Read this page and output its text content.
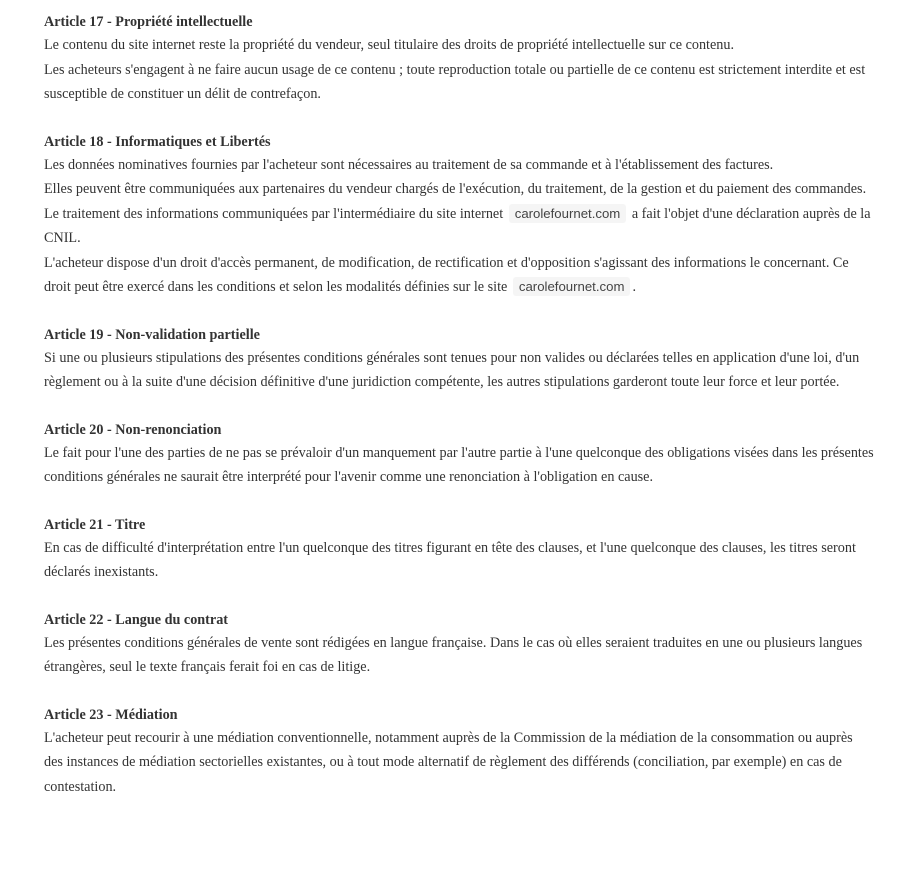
Article 17 - Propriété intellectuelle

Le contenu du site internet reste la propriété du vendeur, seul titulaire des droits de propriété intellectuelle sur ce contenu.

Les acheteurs s'engagent à ne faire aucun usage de ce contenu ; toute reproduction totale ou partielle de ce contenu est strictement interdite et est susceptible de constituer un délit de contrefaçon.

Article 18 - Informatiques et Libertés

Les données nominatives fournies par l'acheteur sont nécessaires au traitement de sa commande et à l'établissement des factures.

Elles peuvent être communiquées aux partenaires du vendeur chargés de l'exécution, du traitement, de la gestion et du paiement des commandes.

Le traitement des informations communiquées par l'intermédiaire du site internet carolefournet.com a fait l'objet d'une déclaration auprès de la CNIL.

L'acheteur dispose d'un droit d'accès permanent, de modification, de rectification et d'opposition s'agissant des informations le concernant. Ce droit peut être exercé dans les conditions et selon les modalités définies sur le site carolefournet.com .

Article 19 - Non-validation partielle

Si une ou plusieurs stipulations des présentes conditions générales sont tenues pour non valides ou déclarées telles en application d'une loi, d'un règlement ou à la suite d'une décision définitive d'une juridiction compétente, les autres stipulations garderont toute leur force et leur portée.

Article 20 - Non-renonciation

Le fait pour l'une des parties de ne pas se prévaloir d'un manquement par l'autre partie à l'une quelconque des obligations visées dans les présentes conditions générales ne saurait être interprété pour l'avenir comme une renonciation à l'obligation en cause.

Article 21 - Titre

En cas de difficulté d'interprétation entre l'un quelconque des titres figurant en tête des clauses, et l'une quelconque des clauses, les titres seront déclarés inexistants.

Article 22 - Langue du contrat

Les présentes conditions générales de vente sont rédigées en langue française. Dans le cas où elles seraient traduites en une ou plusieurs langues étrangères, seul le texte français ferait foi en cas de litige.

Article 23 - Médiation

L'acheteur peut recourir à une médiation conventionnelle, notamment auprès de la Commission de la médiation de la consommation ou auprès des instances de médiation sectorielles existantes, ou à tout mode alternatif de règlement des différends (conciliation, par exemple) en cas de contestation.
